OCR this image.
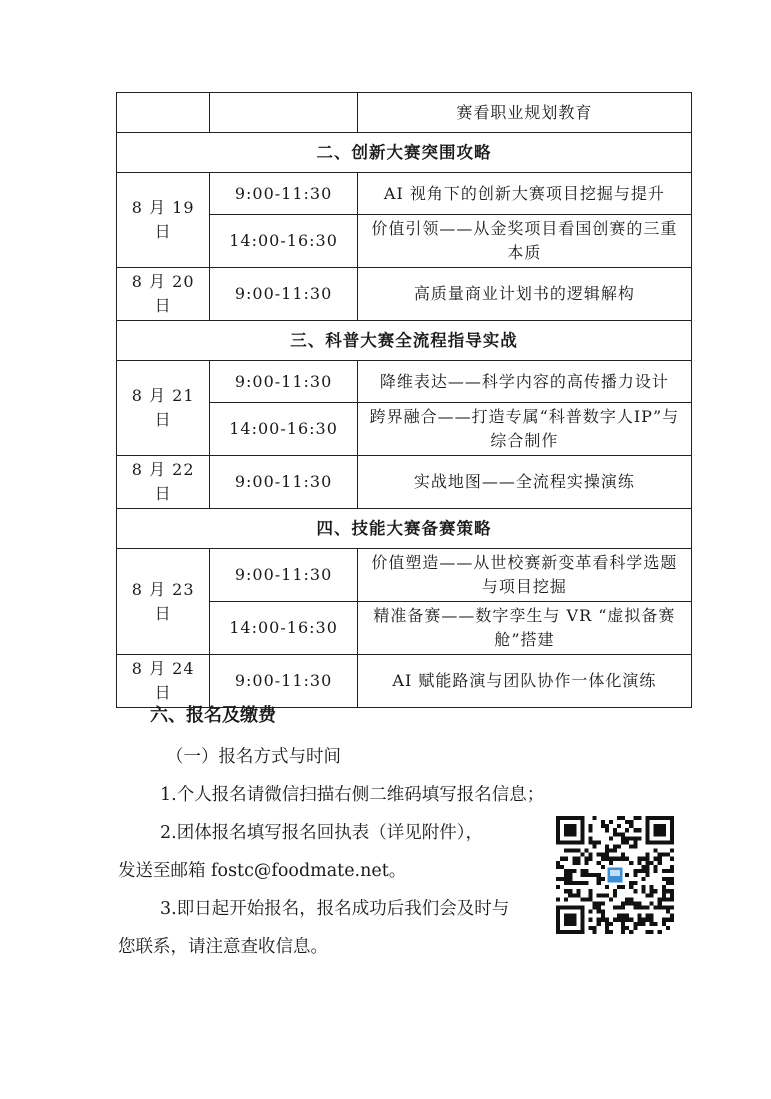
		赛看职业规划教育
二、创新大赛突围攻略		
8 月 19 日	9:00-11:30	AI 视角下的创新大赛项目挖掘与提升
	14:00-16:30	价值引领——从金奖项目看国创赛的三重本质
8 月 20 日	9:00-11:30	高质量商业计划书的逻辑解构
三、科普大赛全流程指导实战		
8 月 21 日	9:00-11:30	降维表达——科学内容的高传播力设计
	14:00-16:30	跨界融合——打造专属“科普数字人IP”与综合制作
8 月 22 日	9:00-11:30	实战地图——全流程实操演练
四、技能大赛备赛策略		
8 月 23 日	9:00-11:30	价值塑造——从世校赛新变革看科学选题与项目挖掘
	14:00-16:30	精准备赛——数字孪生与 VR “虚拟备赛舱”搭建
8 月 24 日	9:00-11:30	AI 赋能路演与团队协作一体化演练

六、报名及缴费

（一）报名方式与时间

1.个人报名请微信扫描右侧二维码填写报名信息；

2.团体报名填写报名回执表（详见附件），

发送至邮箱 fostc@foodmate.net。

3.即日起开始报名，报名成功后我们会及时与

您联系，请注意查收信息。
